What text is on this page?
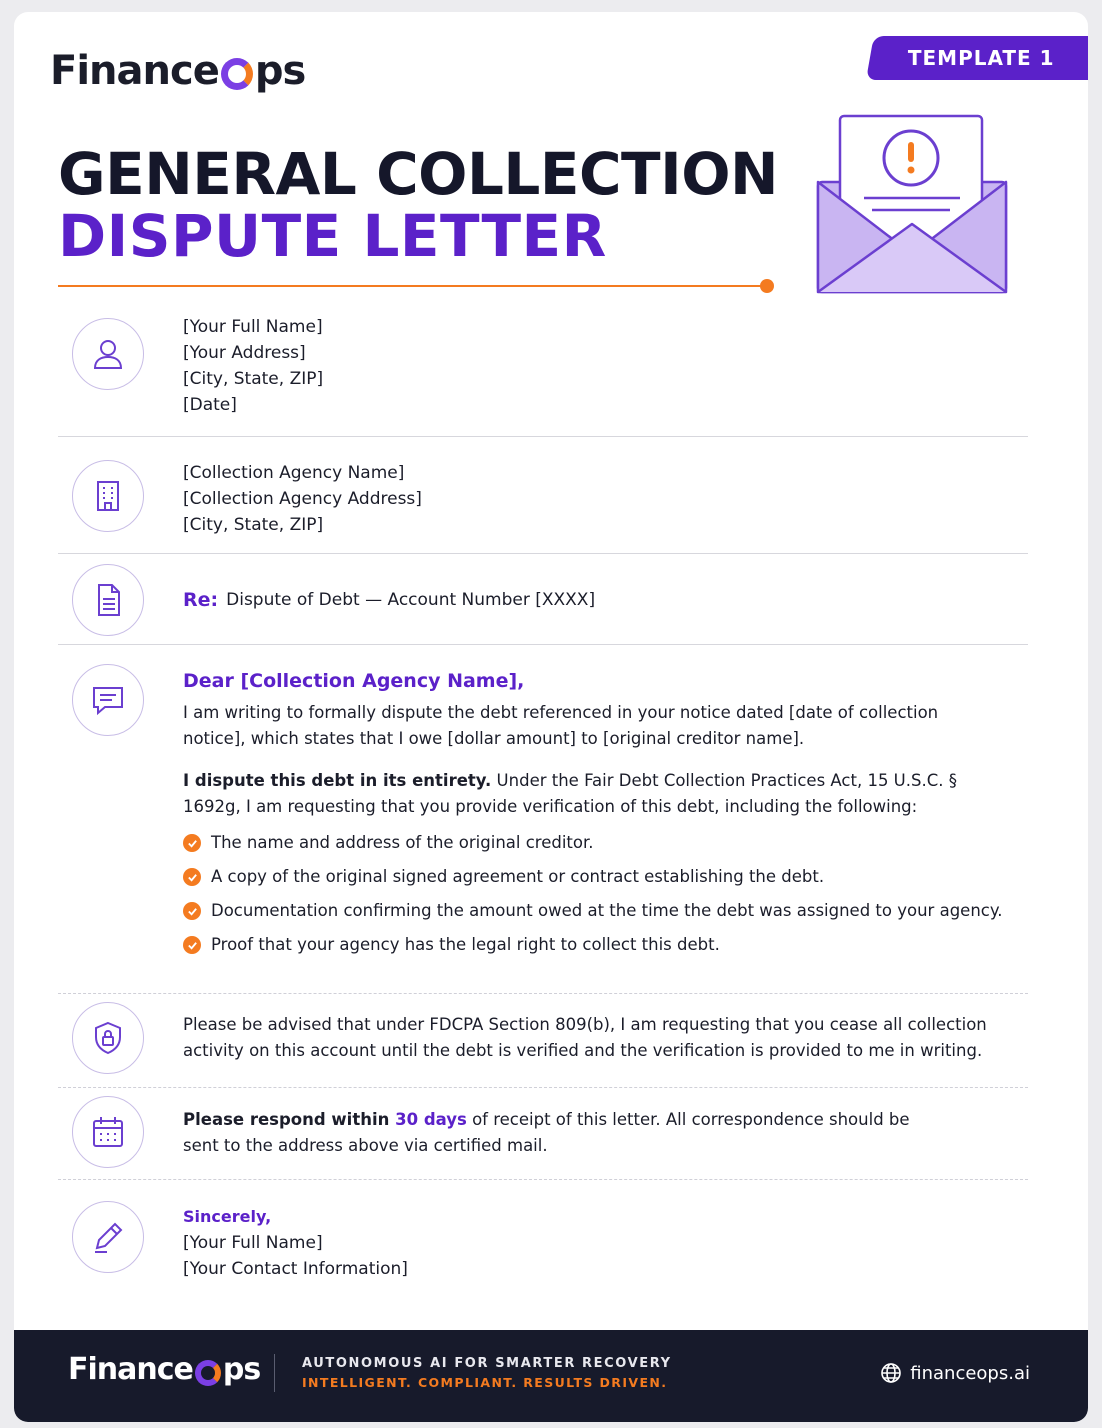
Finance ps	TEMPLATE 1
GENERAL COLLECTION
DISPUTE LETTER
[Your Full Name]
[Your Address]
[City, State, ZIP]
[Date]
[Collection Agency Name]
[Collection Agency Address]
[City, State, ZIP]
Re: Dispute of Debt — Account Number [XXXX]
Dear [Collection Agency Name],

I am writing to formally dispute the debt referenced in your notice dated [date of collection notice], which states that I owe [dollar amount] to [original creditor name].

I dispute this debt in its entirety. Under the Fair Debt Collection Practices Act, 15 U.S.C. § 1692g, I am requesting that you provide verification of this debt, including the following:

The name and address of the original creditor.
A copy of the original signed agreement or contract establishing the debt.
Documentation confirming the amount owed at the time the debt was assigned to your agency.
Proof that your agency has the legal right to collect this debt.

Please be advised that under FDCPA Section 809(b), I am requesting that you cease all collection activity on this account until the debt is verified and the verification is provided to me in writing.

Please respond within 30 days of receipt of this letter. All correspondence should be sent to the address above via certified mail.

Sincerely,
[Your Full Name]
[Your Contact Information]
Finance ps	AUTONOMOUS AI FOR SMARTER RECOVERY
INTELLIGENT. COMPLIANT. RESULTS DRIVEN.	financeops.ai
